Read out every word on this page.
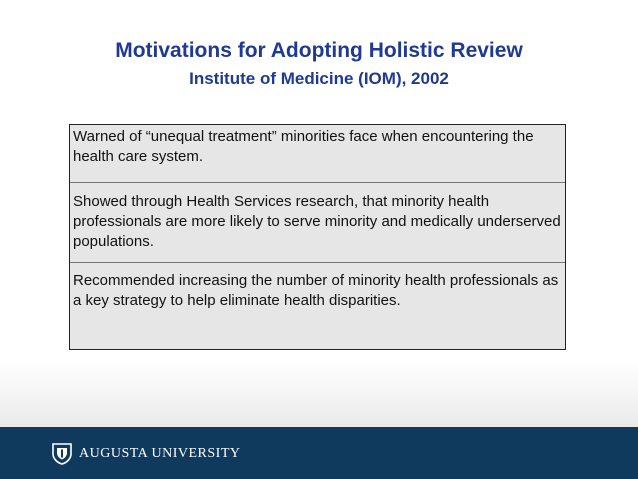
Motivations for Adopting Holistic Review
Institute of Medicine (IOM), 2002
Warned of “unequal treatment” minorities face when encountering the health care system.
Showed through Health Services research, that minority health professionals are more likely to serve minority and medically underserved populations.
Recommended increasing the number of minority health professionals as a key strategy to help eliminate health disparities.
AUGUSTA UNIVERSITY
